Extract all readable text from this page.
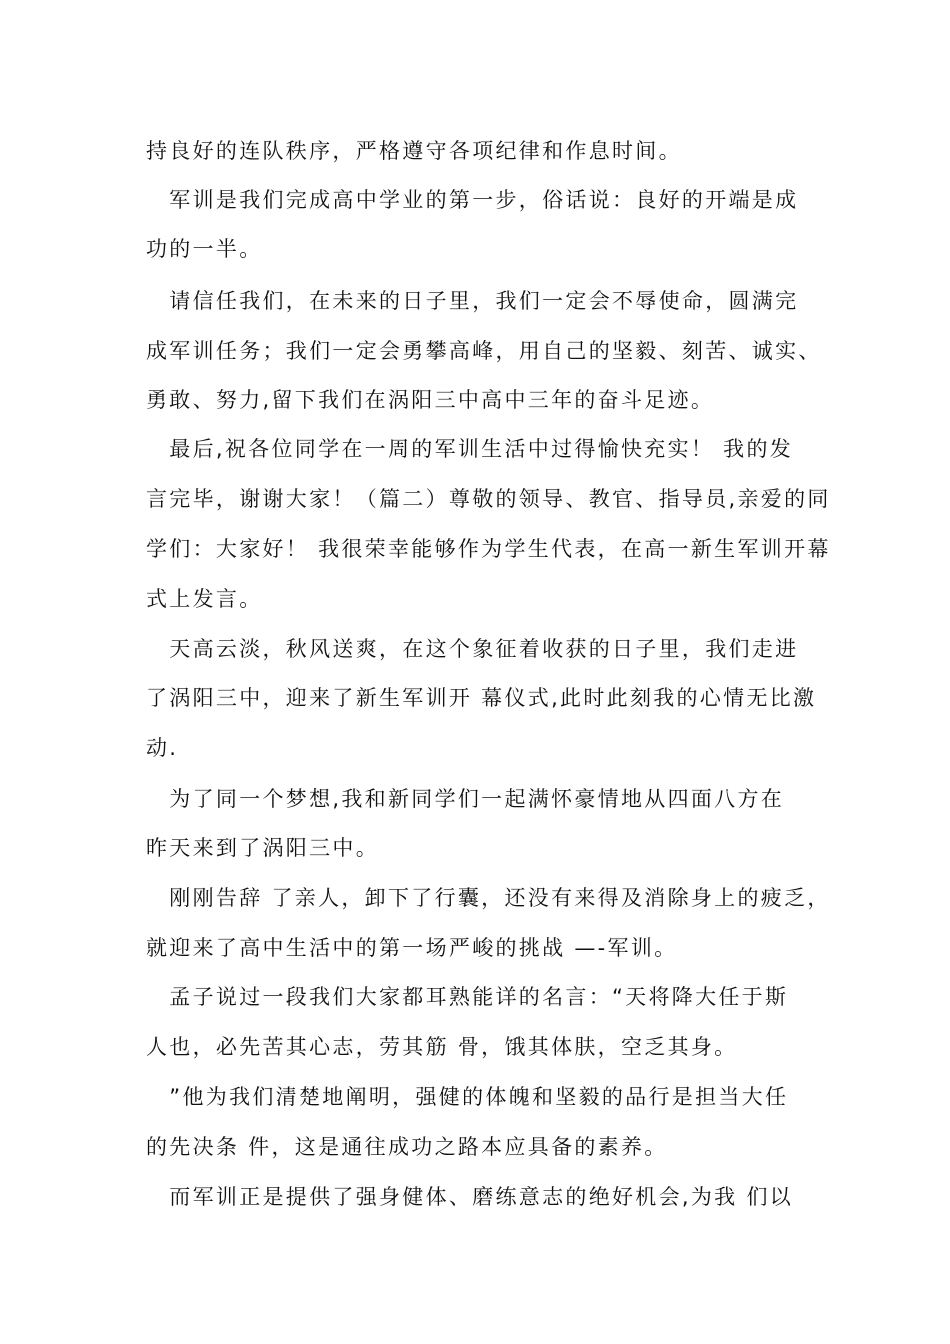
持良好的连队秩序，严格遵守各项纪律和作息时间。
　军训是我们完成高中学业的第一步，俗话说：良好的开端是成
功的一半。
　请信任我们，在未来的日子里，我们一定会不辱使命，圆满完
成军训任务；我们一定会勇攀高峰，用自己的坚毅、刻苦、诚实、
勇敢、努力,留下我们在涡阳三中高中三年的奋斗足迹。
　最后,祝各位同学在一周的军训生活中过得愉快充实！ 我的发
言完毕，谢谢大家！（篇二）尊敬的领导、教官、指导员,亲爱的同
学们：大家好！ 我很荣幸能够作为学生代表，在高一新生军训开幕
式上发言。
　天高云淡，秋风送爽，在这个象征着收获的日子里，我们走进
了涡阳三中，迎来了新生军训开 幕仪式,此时此刻我的心情无比激
动.
　为了同一个梦想,我和新同学们一起满怀豪情地从四面八方在
昨天来到了涡阳三中。
　刚刚告辞 了亲人，卸下了行囊，还没有来得及消除身上的疲乏，
就迎来了高中生活中的第一场严峻的挑战 —-军训。
　孟子说过一段我们大家都耳熟能详的名言：“天将降大任于斯
人也，必先苦其心志，劳其筋 骨，饿其体肤，空乏其身。
　”他为我们清楚地阐明，强健的体魄和坚毅的品行是担当大任
的先决条 件，这是通往成功之路本应具备的素养。
　而军训正是提供了强身健体、磨练意志的绝好机会,为我 们以
